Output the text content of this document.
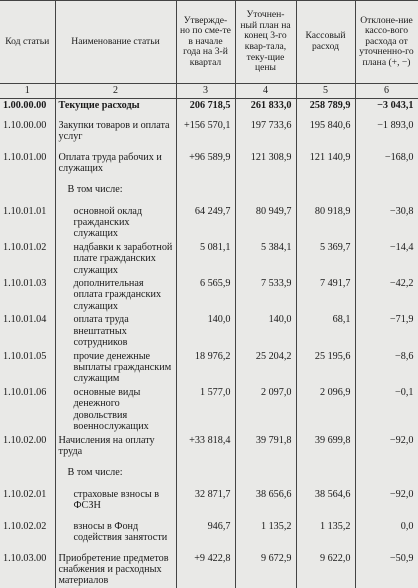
Код статьи	Наименование статьи	Утвержде-но по сме-те в начале года на 3-й квартал	Уточнен-ный план на конец 3-го квар-тала, теку-щие цены	Кассовый расход	Отклоне-ние кассо-вого расхода от уточненно-го плана (+, −)
1	2	3	4	5	6
1.00.00.00	Текущие расходы	206 718,5	261 833,0	258 789,9	−3 043,1
1.10.00.00	Закупки товаров и оплата услуг	+156 570,1	197 733,6	195 840,6	−1 893,0
1.10.01.00	Оплата труда рабочих и служащих	+96 589,9	121 308,9	121 140,9	−168,0
	В том числе:				
1.10.01.01	основной оклад гражданских служащих	64 249,7	80 949,7	80 918,9	−30,8
1.10.01.02	надбавки к заработной плате гражданских служащих	5 081,1	5 384,1	5 369,7	−14,4
1.10.01.03	дополнительная оплата гражданских служащих	6 565,9	7 533,9	7 491,7	−42,2
1.10.01.04	оплата труда внештатных сотрудников	140,0	140,0	68,1	−71,9
1.10.01.05	прочие денежные выплаты гражданским служащим	18 976,2	25 204,2	25 195,6	−8,6
1.10.01.06	основные виды денежного довольствия военнослужащих	1 577,0	2 097,0	2 096,9	−0,1
1.10.02.00	Начисления на оплату труда	+33 818,4	39 791,8	39 699,8	−92,0
	В том числе:				
1.10.02.01	страховые взносы в ФСЗН	32 871,7	38 656,6	38 564,6	−92,0
1.10.02.02	взносы в Фонд содействия занятости	946,7	1 135,2	1 135,2	0,0
1.10.03.00	Приобретение предметов снабжения и расходных материалов	+9 422,8	9 672,9	9 622,0	−50,9
